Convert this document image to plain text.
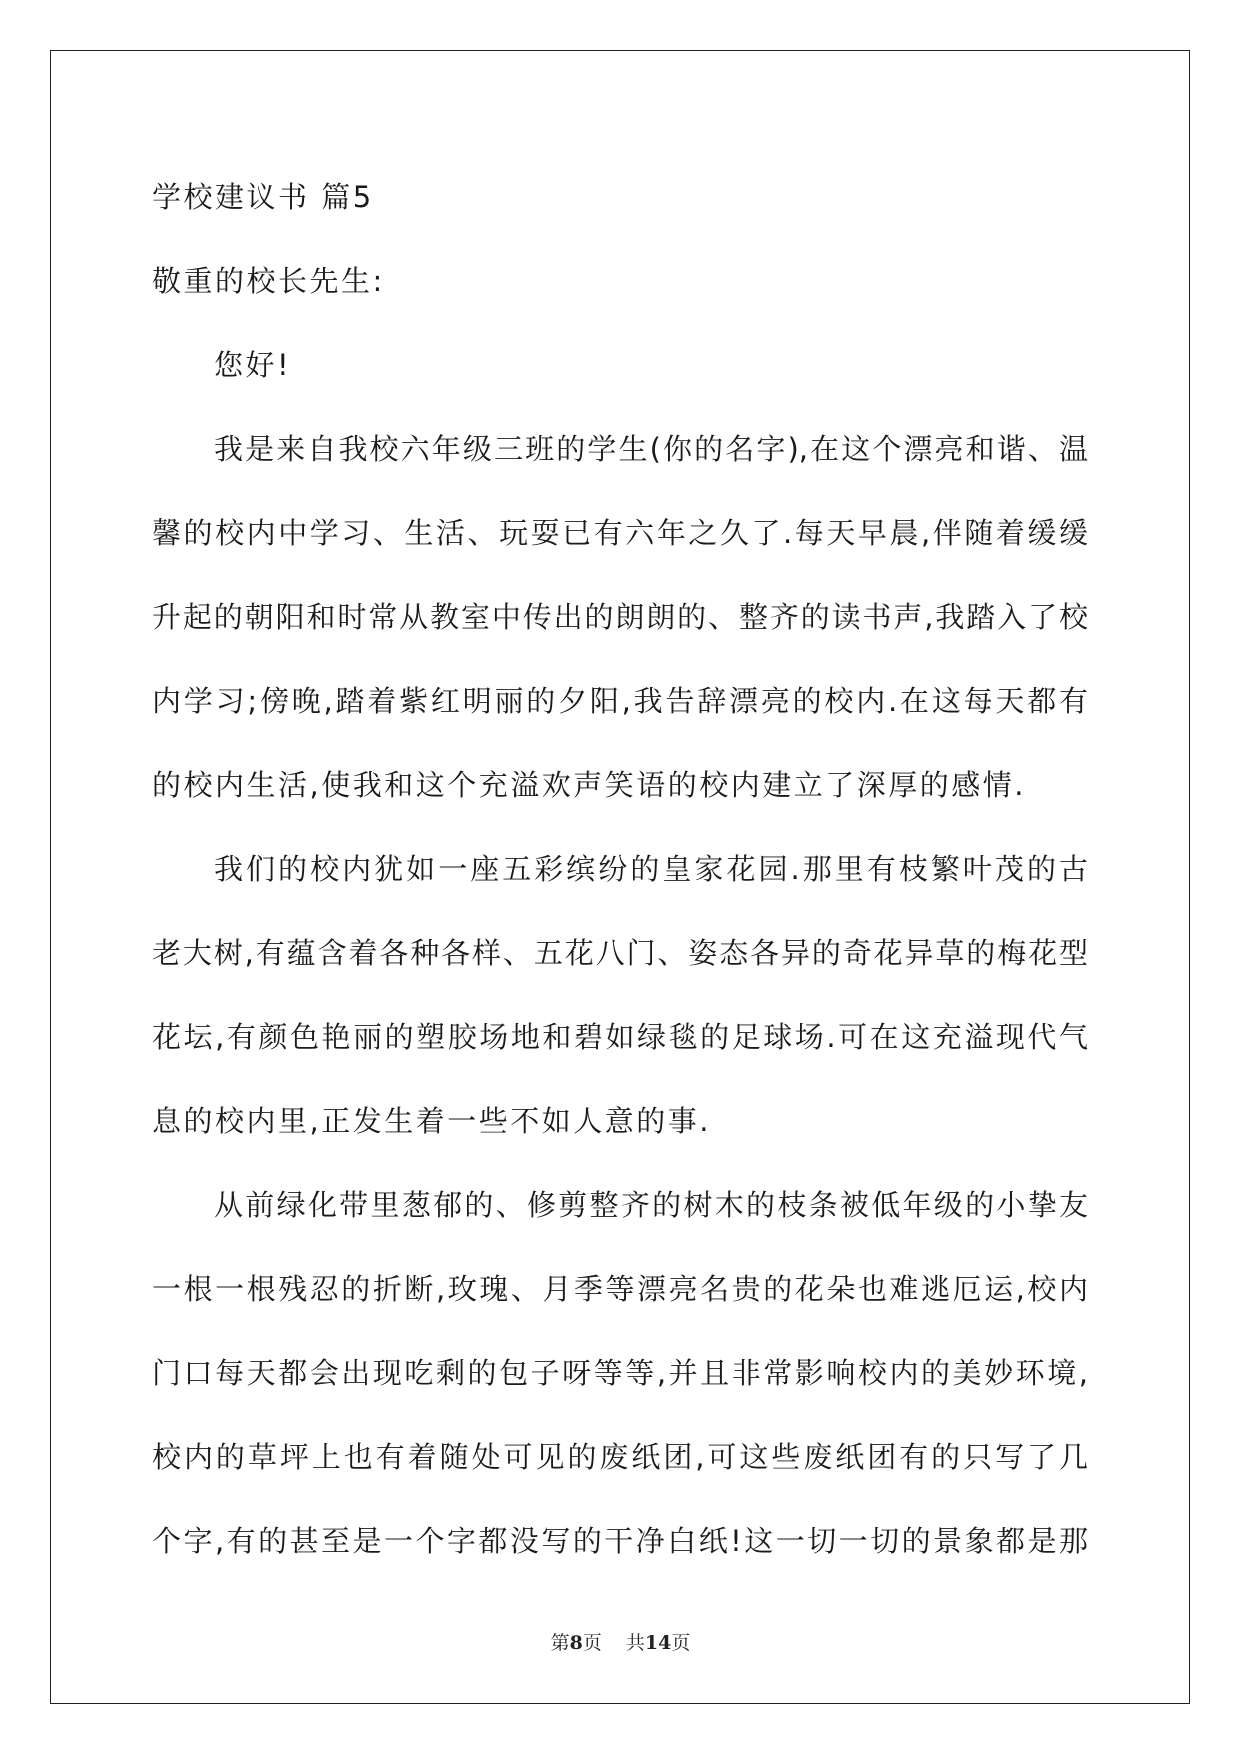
学校建议书 篇5
敬重的校长先生:
您好!
我是来自我校六年级三班的学生(你的名字),在这个漂亮和谐、温
馨的校内中学习、生活、玩耍已有六年之久了.每天早晨,伴随着缓缓
升起的朝阳和时常从教室中传出的朗朗的、整齐的读书声,我踏入了校
内学习;傍晚,踏着紫红明丽的夕阳,我告辞漂亮的校内.在这每天都有
的校内生活,使我和这个充溢欢声笑语的校内建立了深厚的感情.
我们的校内犹如一座五彩缤纷的皇家花园.那里有枝繁叶茂的古
老大树,有蕴含着各种各样、五花八门、姿态各异的奇花异草的梅花型
花坛,有颜色艳丽的塑胶场地和碧如绿毯的足球场.可在这充溢现代气
息的校内里,正发生着一些不如人意的事.
从前绿化带里葱郁的、修剪整齐的树木的枝条被低年级的小挚友
一根一根残忍的折断,玫瑰、月季等漂亮名贵的花朵也难逃厄运,校内
门口每天都会出现吃剩的包子呀等等,并且非常影响校内的美妙环境,
校内的草坪上也有着随处可见的废纸团,可这些废纸团有的只写了几
个字,有的甚至是一个字都没写的干净白纸!这一切一切的景象都是那
第8页 共14页
